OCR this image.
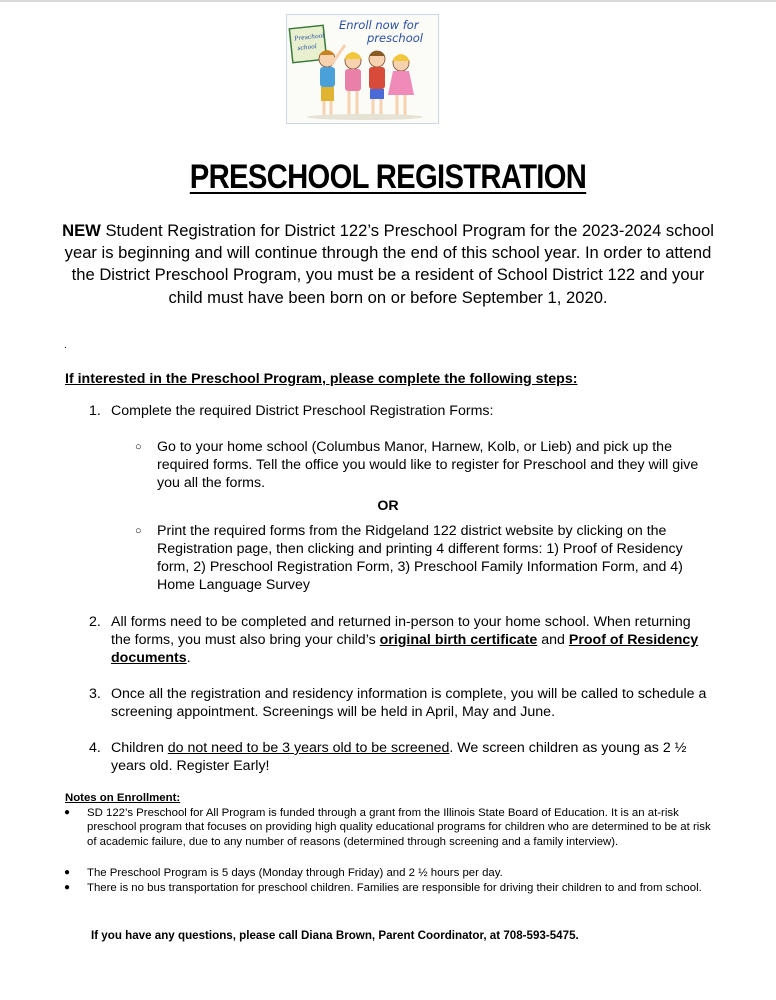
Preschool
school
Enroll now for
preschool
PRESCHOOL REGISTRATION
NEW Student Registration for District 122’s Preschool Program for the 2023-2024 school year is beginning and will continue through the end of this school year. In order to attend the District Preschool Program, you must be a resident of School District 122 and your child must have been born on or before September 1, 2020.
.
If interested in the Preschool Program, please complete the following steps:
1. Complete the required District Preschool Registration Forms:
○ Go to your home school (Columbus Manor, Harnew, Kolb, or Lieb) and pick up the required forms. Tell the office you would like to register for Preschool and they will give you all the forms.
OR
○ Print the required forms from the Ridgeland 122 district website by clicking on the Registration page, then clicking and printing 4 different forms: 1) Proof of Residency form, 2) Preschool Registration Form, 3) Preschool Family Information Form, and 4) Home Language Survey
2. All forms need to be completed and returned in-person to your home school. When returning the forms, you must also bring your child’s original birth certificate and Proof of Residency documents.
3. Once all the registration and residency information is complete, you will be called to schedule a screening appointment. Screenings will be held in April, May and June.
4. Children do not need to be 3 years old to be screened. We screen children as young as 2 ½ years old. Register Early!
Notes on Enrollment:
● SD 122’s Preschool for All Program is funded through a grant from the Illinois State Board of Education. It is an at-risk preschool program that focuses on providing high quality educational programs for children who are determined to be at risk of academic failure, due to any number of reasons (determined through screening and a family interview).
● The Preschool Program is 5 days (Monday through Friday) and 2 ½ hours per day.
● There is no bus transportation for preschool children. Families are responsible for driving their children to and from school.
If you have any questions, please call Diana Brown, Parent Coordinator, at 708-593-5475.
